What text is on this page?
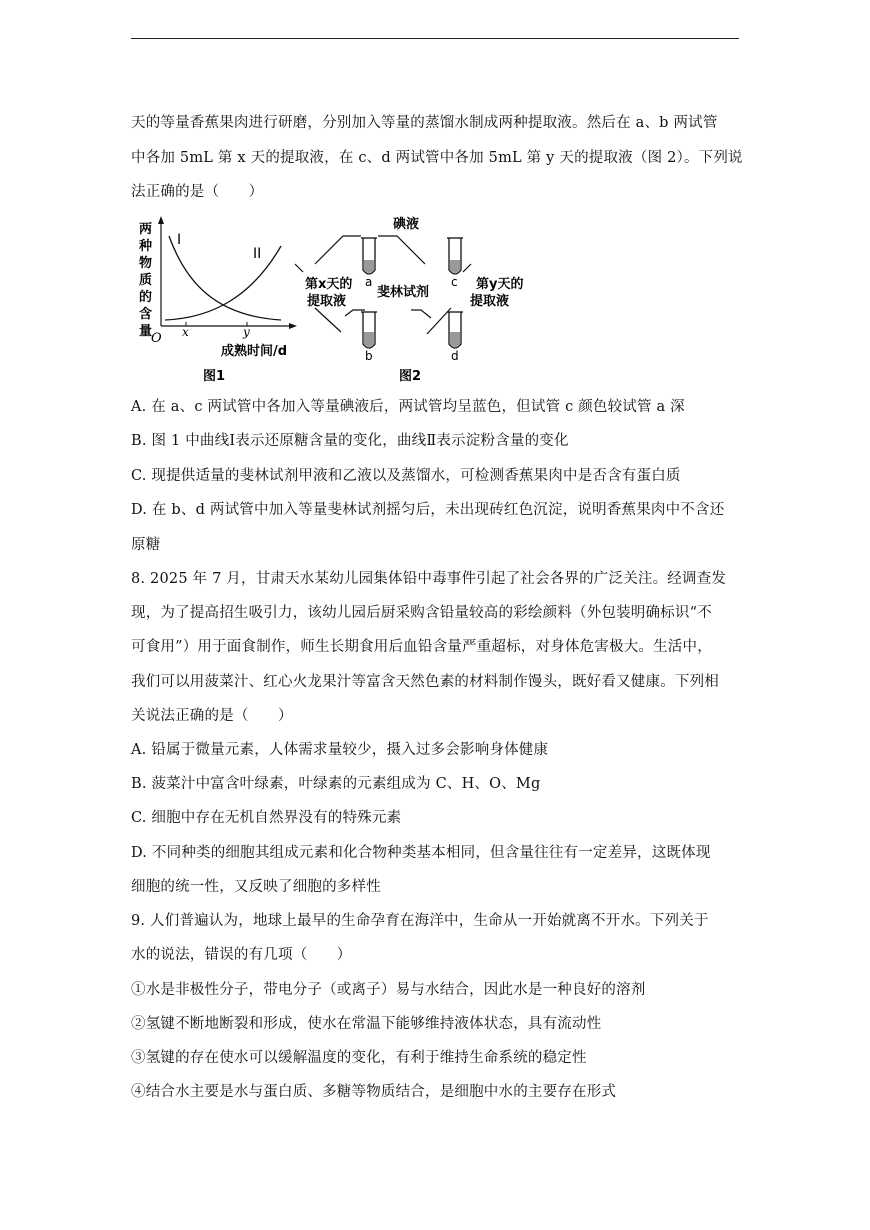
天的等量香蕉果肉进行研磨，分别加入等量的蒸馏水制成两种提取液。然后在 a、b 两试管
中各加 5mL 第 x 天的提取液，在 c、d 两试管中各加 5mL 第 y 天的提取液（图 2）。下列说
法正确的是（　　）
两
种
物
质
的
含
量
I
II
O x	y
成熟时间/d
图1
碘液
斐林试剂
第x天的
提取液
第y天的
提取液
a	c
b	d
图2
A. 在 a、c 两试管中各加入等量碘液后，两试管均呈蓝色，但试管 c 颜色较试管 a 深
B. 图 1 中曲线Ⅰ表示还原糖含量的变化，曲线Ⅱ表示淀粉含量的变化
C. 现提供适量的斐林试剂甲液和乙液以及蒸馏水，可检测香蕉果肉中是否含有蛋白质
D. 在 b、d 两试管中加入等量斐林试剂摇匀后，未出现砖红色沉淀，说明香蕉果肉中不含还
原糖
8. 2025 年 7 月，甘肃天水某幼儿园集体铅中毒事件引起了社会各界的广泛关注。经调查发
现，为了提高招生吸引力，该幼儿园后厨采购含铅量较高的彩绘颜料（外包装明确标识“不
可食用”）用于面食制作，师生长期食用后血铅含量严重超标，对身体危害极大。生活中，
我们可以用菠菜汁、红心火龙果汁等富含天然色素的材料制作馒头，既好看又健康。下列相
关说法正确的是（　　）
A. 铅属于微量元素，人体需求量较少，摄入过多会影响身体健康
B. 菠菜汁中富含叶绿素，叶绿素的元素组成为 C、H、O、Mg
C. 细胞中存在无机自然界没有的特殊元素
D. 不同种类的细胞其组成元素和化合物种类基本相同，但含量往往有一定差异，这既体现
细胞的统一性，又反映了细胞的多样性
9. 人们普遍认为，地球上最早的生命孕育在海洋中，生命从一开始就离不开水。下列关于
水的说法，错误的有几项（　　）
①水是非极性分子，带电分子（或离子）易与水结合，因此水是一种良好的溶剂
②氢键不断地断裂和形成，使水在常温下能够维持液体状态，具有流动性
③氢键的存在使水可以缓解温度的变化，有利于维持生命系统的稳定性
④结合水主要是水与蛋白质、多糖等物质结合，是细胞中水的主要存在形式
